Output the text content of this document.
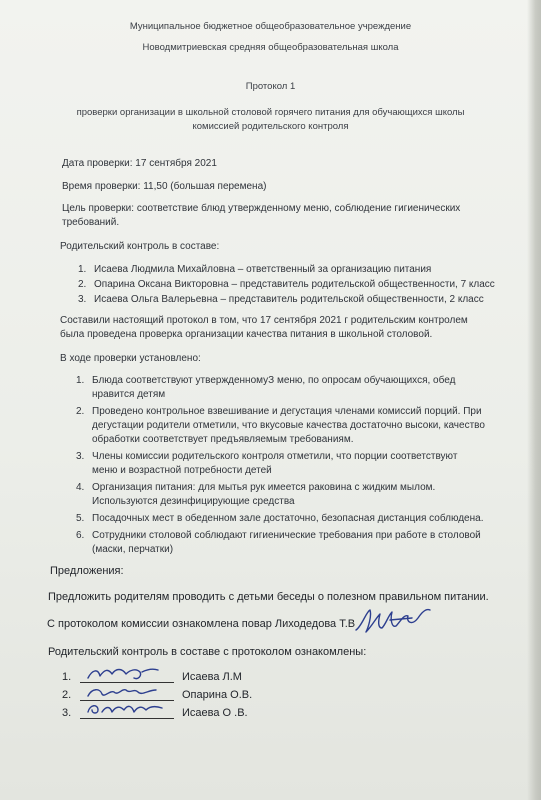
Муниципальное бюджетное общеобразовательное учреждение
Новодмитриевская средняя общеобразовательная школа
Протокол 1
проверки организации в школьной столовой горячего питания для обучающихся школы
комиссией родительского контроля
Дата проверки: 17 сентября 2021
Время проверки: 11,50 (большая перемена)
Цель проверки: соответствие блюд утвержденному меню, соблюдение гигиенических
требований.
Родительский контроль в составе:
1. Исаева Людмила Михайловна – ответственный за организацию питания
2. Опарина Оксана Викторовна – представитель родительской общественности, 7 класс
3. Исаева Ольга Валерьевна – представитель родительской общественности, 2 класс
Составили настоящий протокол в том, что 17 сентября 2021 г родительским контролем
была проведена проверка организации качества питания в школьной столовой.
В ходе проверки установлено:
1. Блюда соответствуют утвержденномуЗ меню, по опросам обучающихся, обед
нравится детям
2. Проведено контрольное взвешивание и дегустация членами комиссий порций. При
дегустации родители отметили, что вкусовые качества достаточно высоки, качество
обработки соответствует предъявляемым требованиям.
3. Члены комиссии родительского контроля отметили, что порции соответствуют
меню и возрастной потребности детей
4. Организация питания: для мытья рук имеется раковина с жидким мылом.
Используются дезинфицирующие средства
5. Посадочных мест в обеденном зале достаточно, безопасная дистанция соблюдена.
6. Сотрудники столовой соблюдают гигиенические требования при работе в столовой
(маски, перчатки)
Предложения:
Предложить родителям проводить с детьми беседы о полезном правильном питании.
С протоколом комиссии ознакомлена повар Лиходедова Т.В
Родительский контроль в составе с протоколом ознакомлены:
1.	Исаева Л.М
2.	Опарина О.В.
3.	Исаева О .В.
